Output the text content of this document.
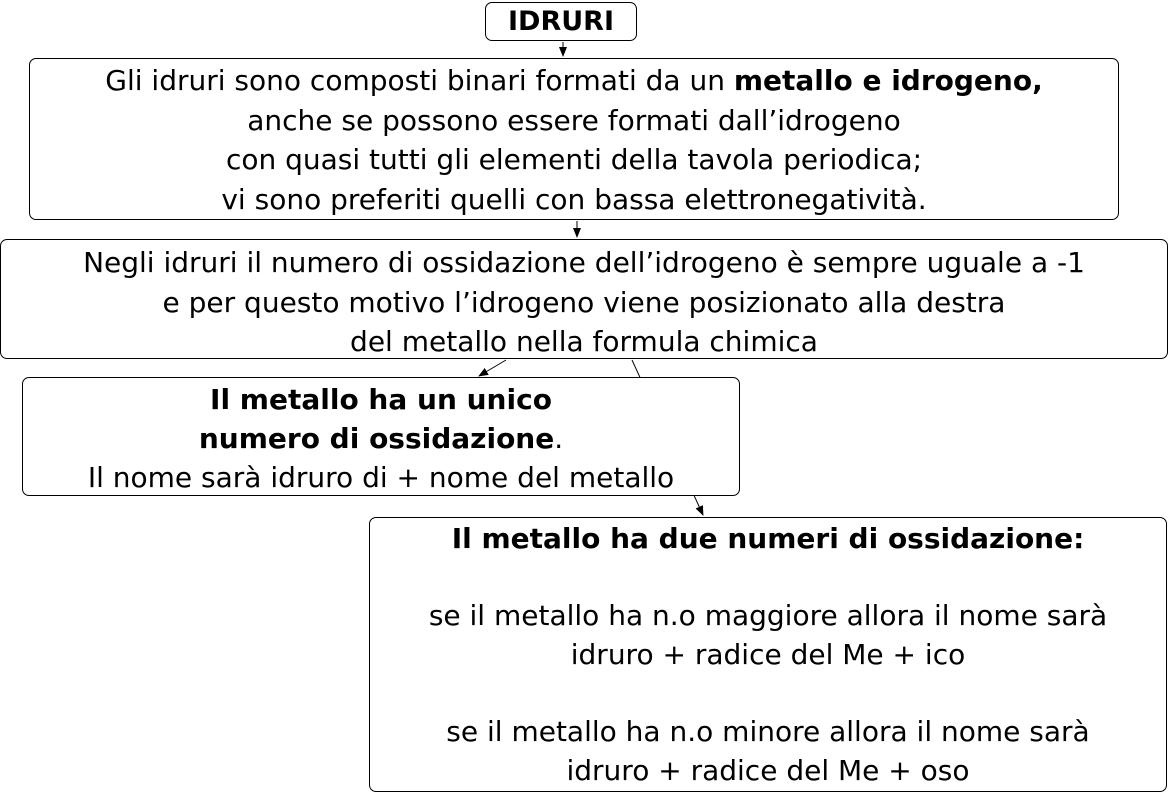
IDRURI
Gli idruri sono composti binari formati da un metallo e idrogeno,
anche se possono essere formati dall’idrogeno
con quasi tutti gli elementi della tavola periodica;
vi sono preferiti quelli con bassa elettronegatività.
Negli idruri il numero di ossidazione dell’idrogeno è sempre uguale a -1
e per questo motivo l’idrogeno viene posizionato alla destra
del metallo nella formula chimica
Il metallo ha un unico
numero di ossidazione.
Il nome sarà idruro di + nome del metallo
Il metallo ha due numeri di ossidazione:
se il metallo ha n.o maggiore allora il nome sarà
idruro + radice del Me + ico
se il metallo ha n.o minore allora il nome sarà
idruro + radice del Me + oso
